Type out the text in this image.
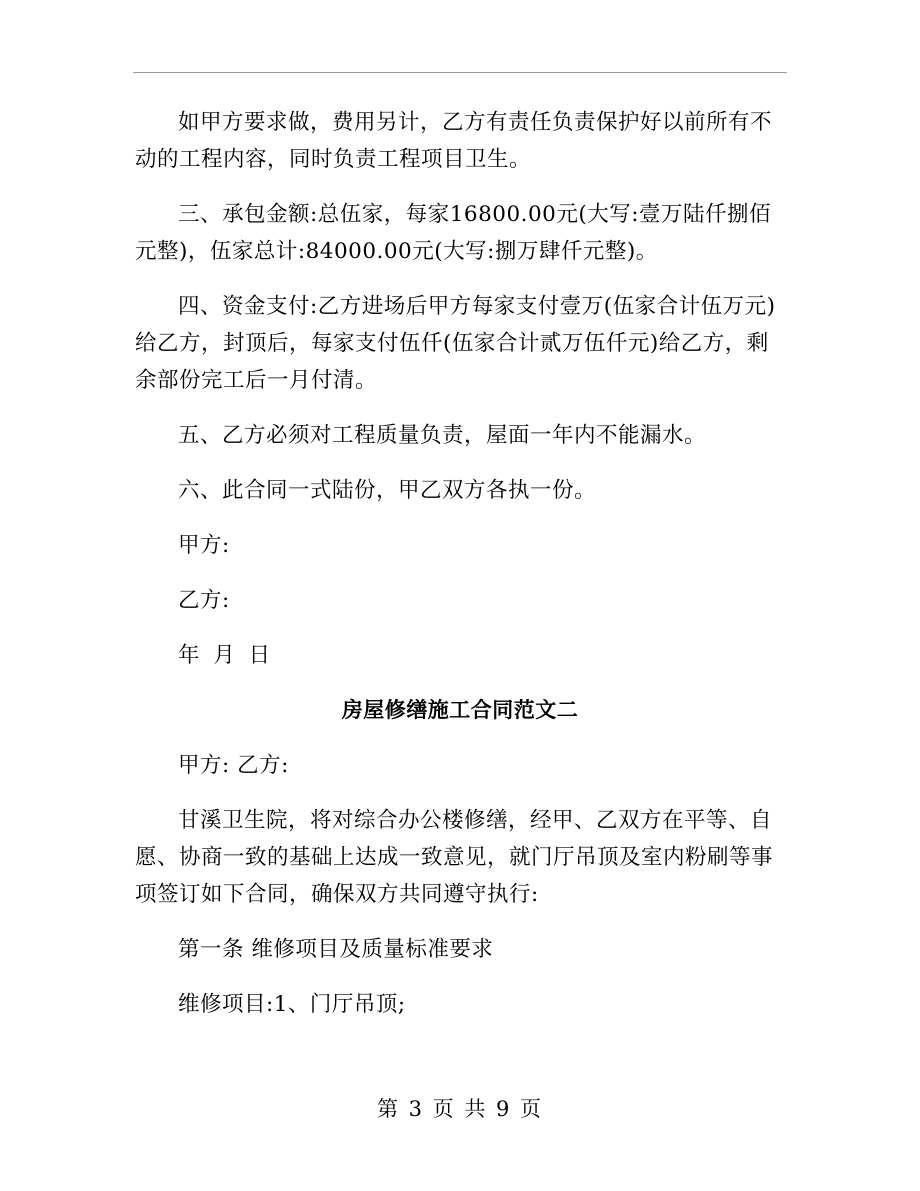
如甲方要求做，费用另计，乙方有责任负责保护好以前所有不动的工程内容，同时负责工程项目卫生。

三、承包金额:总伍家，每家16800.00元(大写:壹万陆仟捌佰元整)，伍家总计:84000.00元(大写:捌万肆仟元整)。

四、资金支付:乙方进场后甲方每家支付壹万(伍家合计伍万元)给乙方，封顶后，每家支付伍仟(伍家合计贰万伍仟元)给乙方，剩余部份完工后一月付清。

五、乙方必须对工程质量负责，屋面一年内不能漏水。

六、此合同一式陆份，甲乙双方各执一份。

甲方:

乙方:

年 月 日

房屋修缮施工合同范文二

甲方: 乙方:

甘溪卫生院，将对综合办公楼修缮，经甲、乙双方在平等、自愿、协商一致的基础上达成一致意见，就门厅吊顶及室内粉刷等事项签订如下合同，确保双方共同遵守执行:

第一条 维修项目及质量标准要求

维修项目:1、门厅吊顶;

第 3 页 共 9 页
